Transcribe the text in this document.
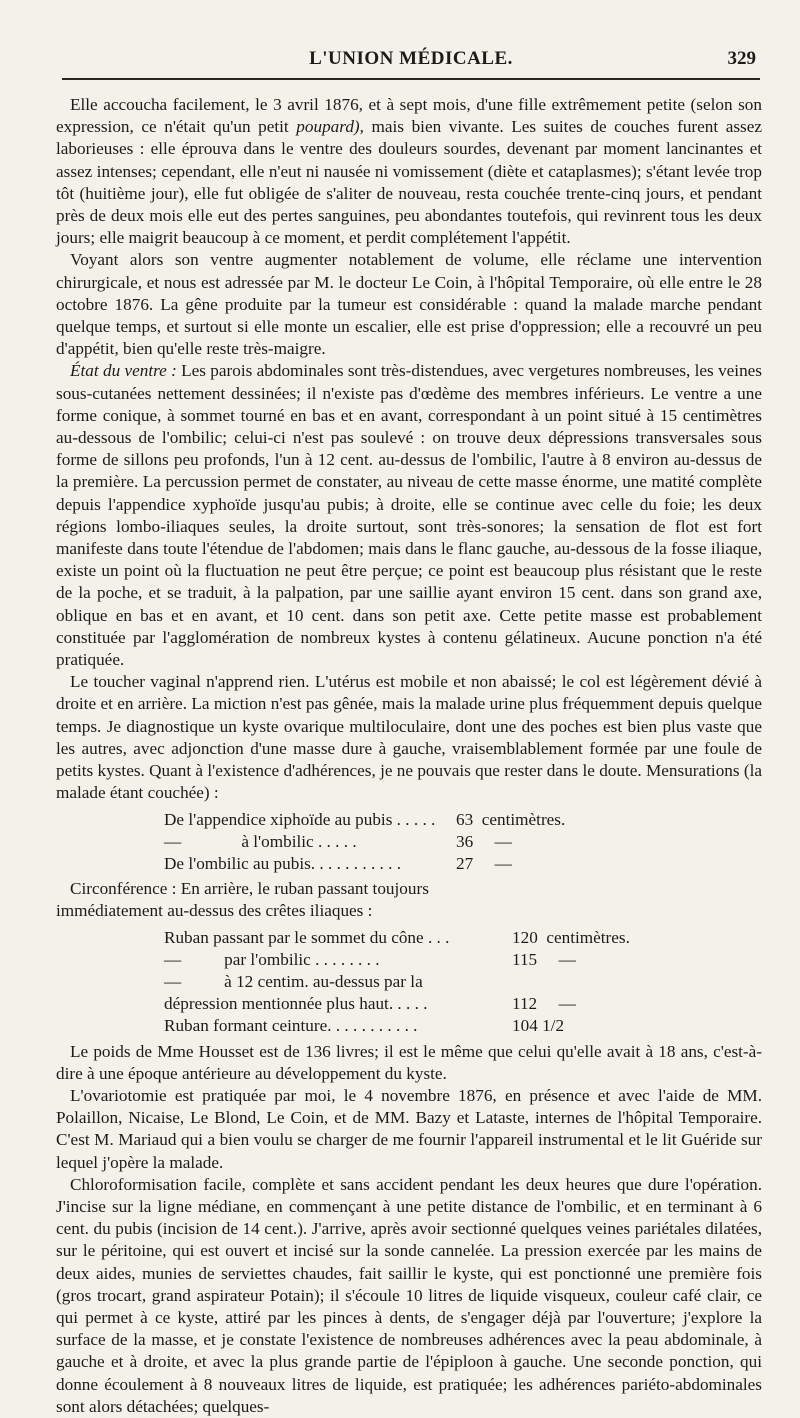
L'UNION MÉDICALE.	329

Elle accoucha facilement, le 3 avril 1876, et à sept mois, d'une fille extrêmement petite (selon son expression, ce n'était qu'un petit poupard), mais bien vivante. Les suites de couches furent assez laborieuses : elle éprouva dans le ventre des douleurs sourdes, devenant par moment lancinantes et assez intenses; cependant, elle n'eut ni nausée ni vomissement (diète et cataplasmes); s'étant levée trop tôt (huitième jour), elle fut obligée de s'aliter de nouveau, resta couchée trente-cinq jours, et pendant près de deux mois elle eut des pertes sanguines, peu abondantes toutefois, qui revinrent tous les deux jours; elle maigrit beaucoup à ce moment, et perdit complétement l'appétit.

Voyant alors son ventre augmenter notablement de volume, elle réclame une intervention chirurgicale, et nous est adressée par M. le docteur Le Coin, à l'hôpital Temporaire, où elle entre le 28 octobre 1876. La gêne produite par la tumeur est considérable : quand la malade marche pendant quelque temps, et surtout si elle monte un escalier, elle est prise d'oppression; elle a recouvré un peu d'appétit, bien qu'elle reste très-maigre.

État du ventre : Les parois abdominales sont très-distendues, avec vergetures nombreuses, les veines sous-cutanées nettement dessinées; il n'existe pas d'œdème des membres inférieurs. Le ventre a une forme conique, à sommet tourné en bas et en avant, correspondant à un point situé à 15 centimètres au-dessous de l'ombilic; celui-ci n'est pas soulevé : on trouve deux dépressions transversales sous forme de sillons peu profonds, l'un à 12 cent. au-dessus de l'ombilic, l'autre à 8 environ au-dessus de la première. La percussion permet de constater, au niveau de cette masse énorme, une matité complète depuis l'appendice xyphoïde jusqu'au pubis; à droite, elle se continue avec celle du foie; les deux régions lombo-iliaques seules, la droite surtout, sont très-sonores; la sensation de flot est fort manifeste dans toute l'étendue de l'abdomen; mais dans le flanc gauche, au-dessous de la fosse iliaque, existe un point où la fluctuation ne peut être perçue; ce point est beaucoup plus résistant que le reste de la poche, et se traduit, à la palpation, par une saillie ayant environ 15 cent. dans son grand axe, oblique en bas et en avant, et 10 cent. dans son petit axe. Cette petite masse est probablement constituée par l'agglomération de nombreux kystes à contenu gélatineux. Aucune ponction n'a été pratiquée.

Le toucher vaginal n'apprend rien. L'utérus est mobile et non abaissé; le col est légèrement dévié à droite et en arrière. La miction n'est pas gênée, mais la malade urine plus fréquemment depuis quelque temps. Je diagnostique un kyste ovarique multiloculaire, dont une des poches est bien plus vaste que les autres, avec adjonction d'une masse dure à gauche, vraisemblablement formée par une foule de petits kystes. Quant à l'existence d'adhérences, je ne pouvais que rester dans le doute. Mensurations (la malade étant couchée) :

De l'appendice xiphoïde au pubis . . . . .	63  centimètres.
—              à l'ombilic . . . . .	36     —
De l'ombilic au pubis. . . . . . . . . . .	27     —
Circonférence : En arrière, le ruban passant toujours
immédiatement au-dessus des crêtes iliaques :
Ruban passant par le sommet du cône . . .	120  centimètres.
—          par l'ombilic . . . . . . . .	115     —
—          à 12 centim. au-dessus par la
dépression mentionnée plus haut. . . . .	112     —
Ruban formant ceinture. . . . . . . . . . .	104 1/2

Le poids de Mme Housset est de 136 livres; il est le même que celui qu'elle avait à 18 ans, c'est-à-dire à une époque antérieure au développement du kyste.

L'ovariotomie est pratiquée par moi, le 4 novembre 1876, en présence et avec l'aide de MM. Polaillon, Nicaise, Le Blond, Le Coin, et de MM. Bazy et Lataste, internes de l'hôpital Temporaire. C'est M. Mariaud qui a bien voulu se charger de me fournir l'appareil instrumental et le lit Guéride sur lequel j'opère la malade.

Chloroformisation facile, complète et sans accident pendant les deux heures que dure l'opération. J'incise sur la ligne médiane, en commençant à une petite distance de l'ombilic, et en terminant à 6 cent. du pubis (incision de 14 cent.). J'arrive, après avoir sectionné quelques veines pariétales dilatées, sur le péritoine, qui est ouvert et incisé sur la sonde cannelée. La pression exercée par les mains de deux aides, munies de serviettes chaudes, fait saillir le kyste, qui est ponctionné une première fois (gros trocart, grand aspirateur Potain); il s'écoule 10 litres de liquide visqueux, couleur café clair, ce qui permet à ce kyste, attiré par les pinces à dents, de s'engager déjà par l'ouverture; j'explore la surface de la masse, et je constate l'existence de nombreuses adhérences avec la peau abdominale, à gauche et à droite, et avec la plus grande partie de l'épiploon à gauche. Une seconde ponction, qui donne écoulement à 8 nouveaux litres de liquide, est pratiquée; les adhérences pariéto-abdominales sont alors détachées; quelques-
